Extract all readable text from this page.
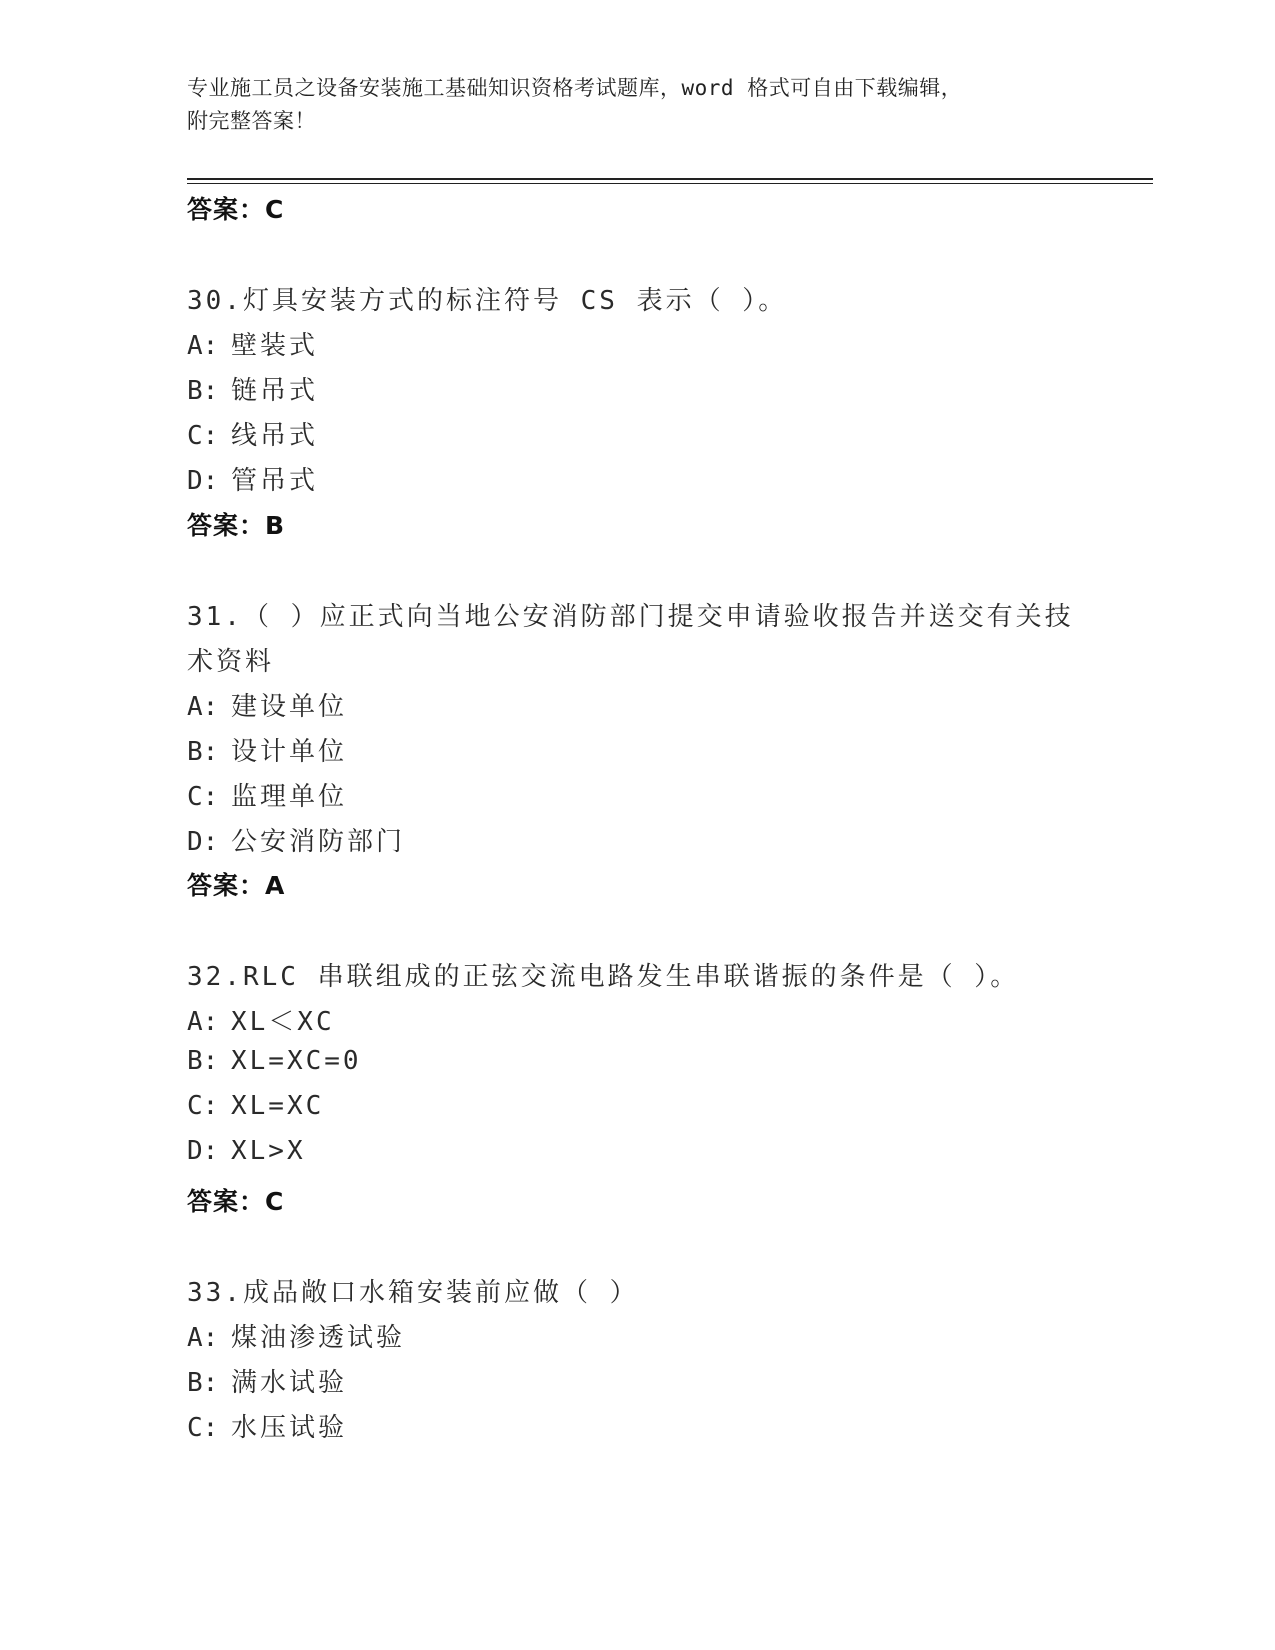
专业施工员之设备安装施工基础知识资格考试题库，word 格式可自由下载编辑，
附完整答案！
答案：C
30.灯具安装方式的标注符号 CS 表示（ ）。
A: 壁装式
B: 链吊式
C: 线吊式
D: 管吊式
答案：B
31.（ ）应正式向当地公安消防部门提交申请验收报告并送交有关技
术资料
A: 建设单位
B: 设计单位
C: 监理单位
D: 公安消防部门
答案：A
32.RLC 串联组成的正弦交流电路发生串联谐振的条件是（ ）。
A: XL＜XC
B: XL=XC=0
C: XL=XC
D: XL>X
答案：C
33.成品敞口水箱安装前应做（ ）
A: 煤油渗透试验
B: 满水试验
C: 水压试验
